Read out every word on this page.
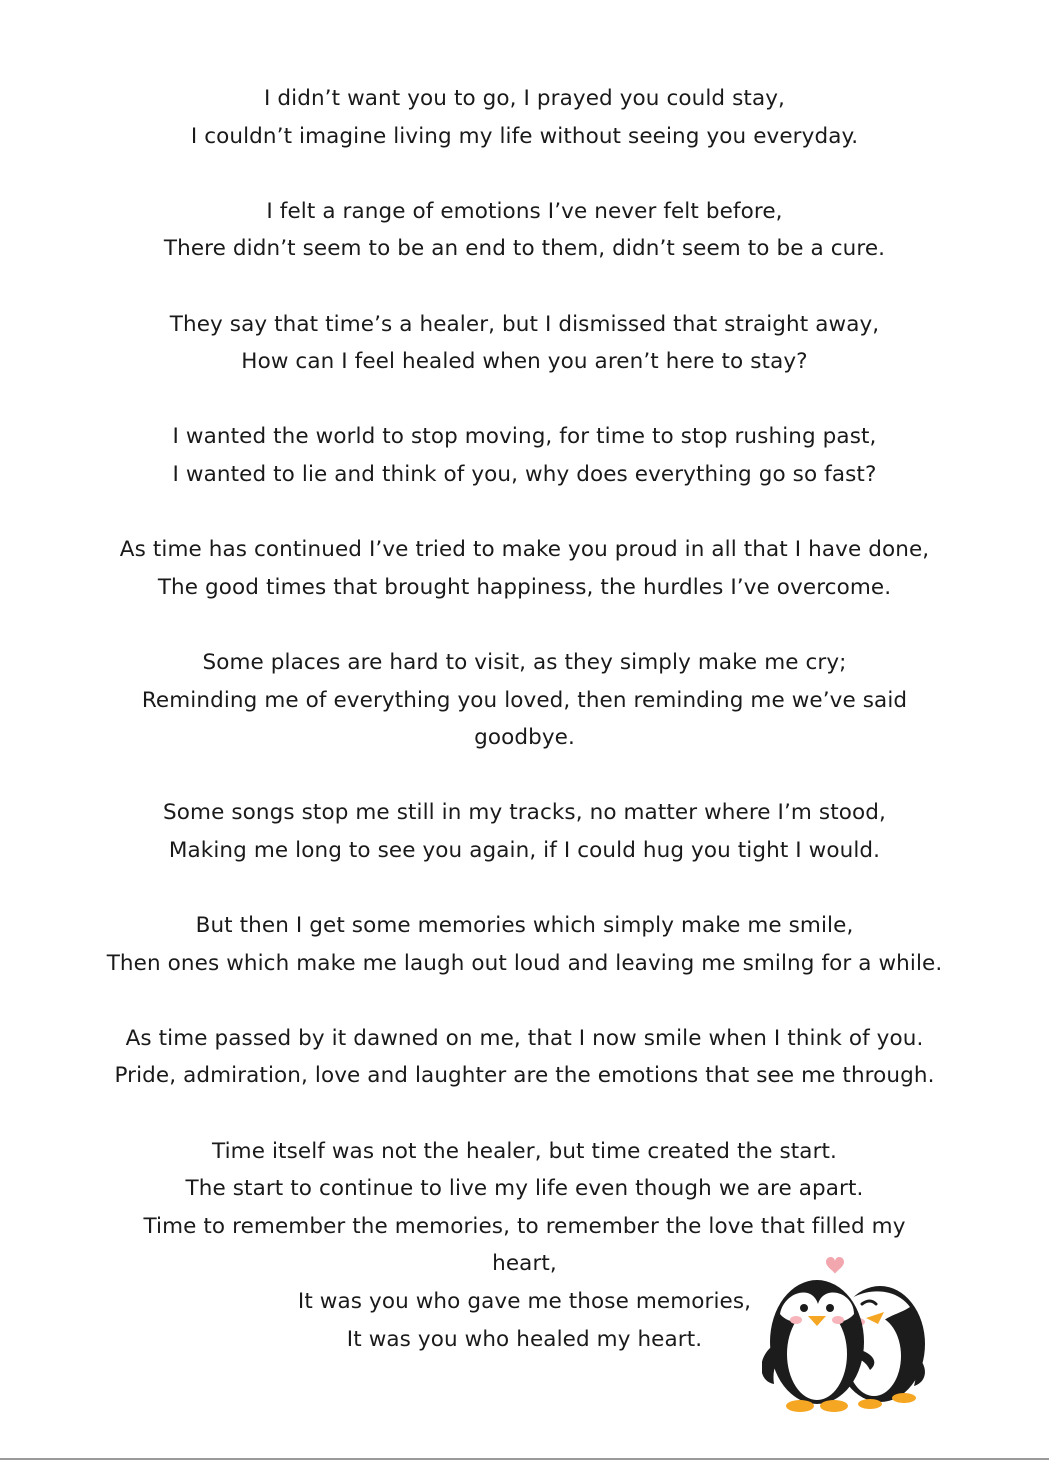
I didn’t want you to go, I prayed you could stay,
I couldn’t imagine living my life without seeing you everyday.
I felt a range of emotions I’ve never felt before,
There didn’t seem to be an end to them, didn’t seem to be a cure.
They say that time’s a healer, but I dismissed that straight away,
How can I feel healed when you aren’t here to stay?
I wanted the world to stop moving, for time to stop rushing past,
I wanted to lie and think of you, why does everything go so fast?
As time has continued I’ve tried to make you proud in all that I have done,
The good times that brought happiness, the hurdles I’ve overcome.
Some places are hard to visit, as they simply make me cry;
Reminding me of everything you loved, then reminding me we’ve said
goodbye.
Some songs stop me still in my tracks, no matter where I’m stood,
Making me long to see you again, if I could hug you tight I would.
But then I get some memories which simply make me smile,
Then ones which make me laugh out loud and leaving me smilng for a while.
As time passed by it dawned on me, that I now smile when I think of you.
Pride, admiration, love and laughter are the emotions that see me through.
Time itself was not the healer, but time created the start.
The start to continue to live my life even though we are apart.
Time to remember the memories, to remember the love that filled my
heart,
It was you who gave me those memories,
It was you who healed my heart.
